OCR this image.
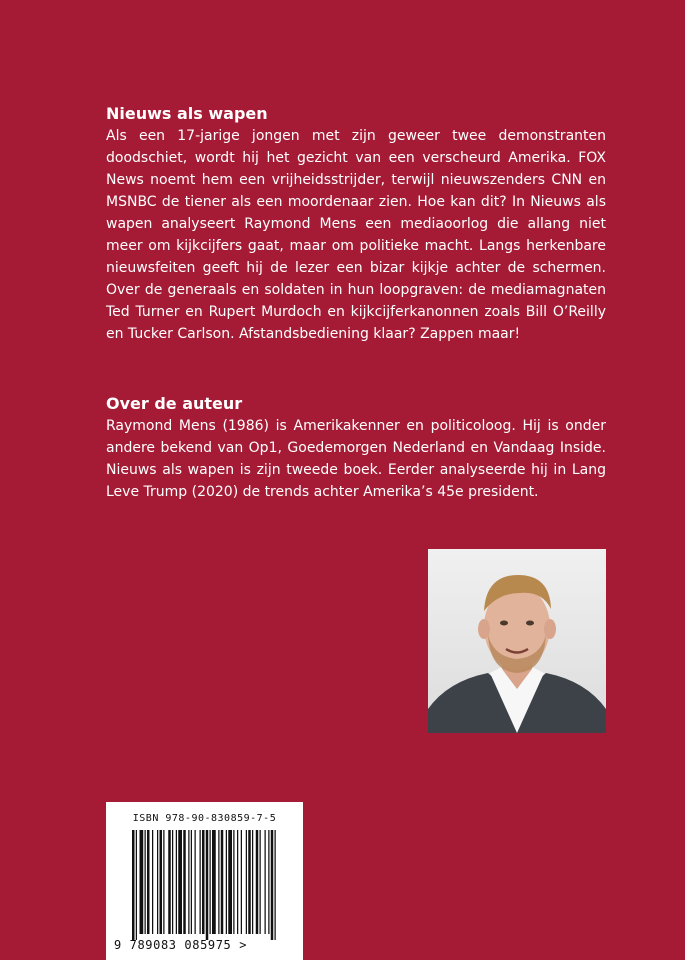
Nieuws als wapen

Als een 17-jarige jongen met zijn geweer twee demonstranten doodschiet, wordt hij het gezicht van een verscheurd Amerika. FOX News noemt hem een vrijheidsstrijder, terwijl nieuwszenders CNN en MSNBC de tiener als een moordenaar zien. Hoe kan dit? In Nieuws als wapen analyseert Raymond Mens een mediaoorlog die allang niet meer om kijkcijfers gaat, maar om politieke macht. Langs herkenbare nieuwsfeiten geeft hij de lezer een bizar kijkje achter de schermen. Over de generaals en soldaten in hun loopgraven: de mediamagnaten Ted Turner en Rupert Murdoch en kijkcijferkanonnen zoals Bill O’Reilly en Tucker Carlson. Afstandsbediening klaar? Zappen maar!

Over de auteur

Raymond Mens (1986) is Amerikakenner en politicoloog. Hij is onder andere bekend van Op1, Goedemorgen Nederland en Vandaag Inside. Nieuws als wapen is zijn tweede boek. Eerder analyseerde hij in Lang Leve Trump (2020) de trends achter Amerika’s 45e president.

ISBN 978-90-830859-7-5
9 789083 085975 >
